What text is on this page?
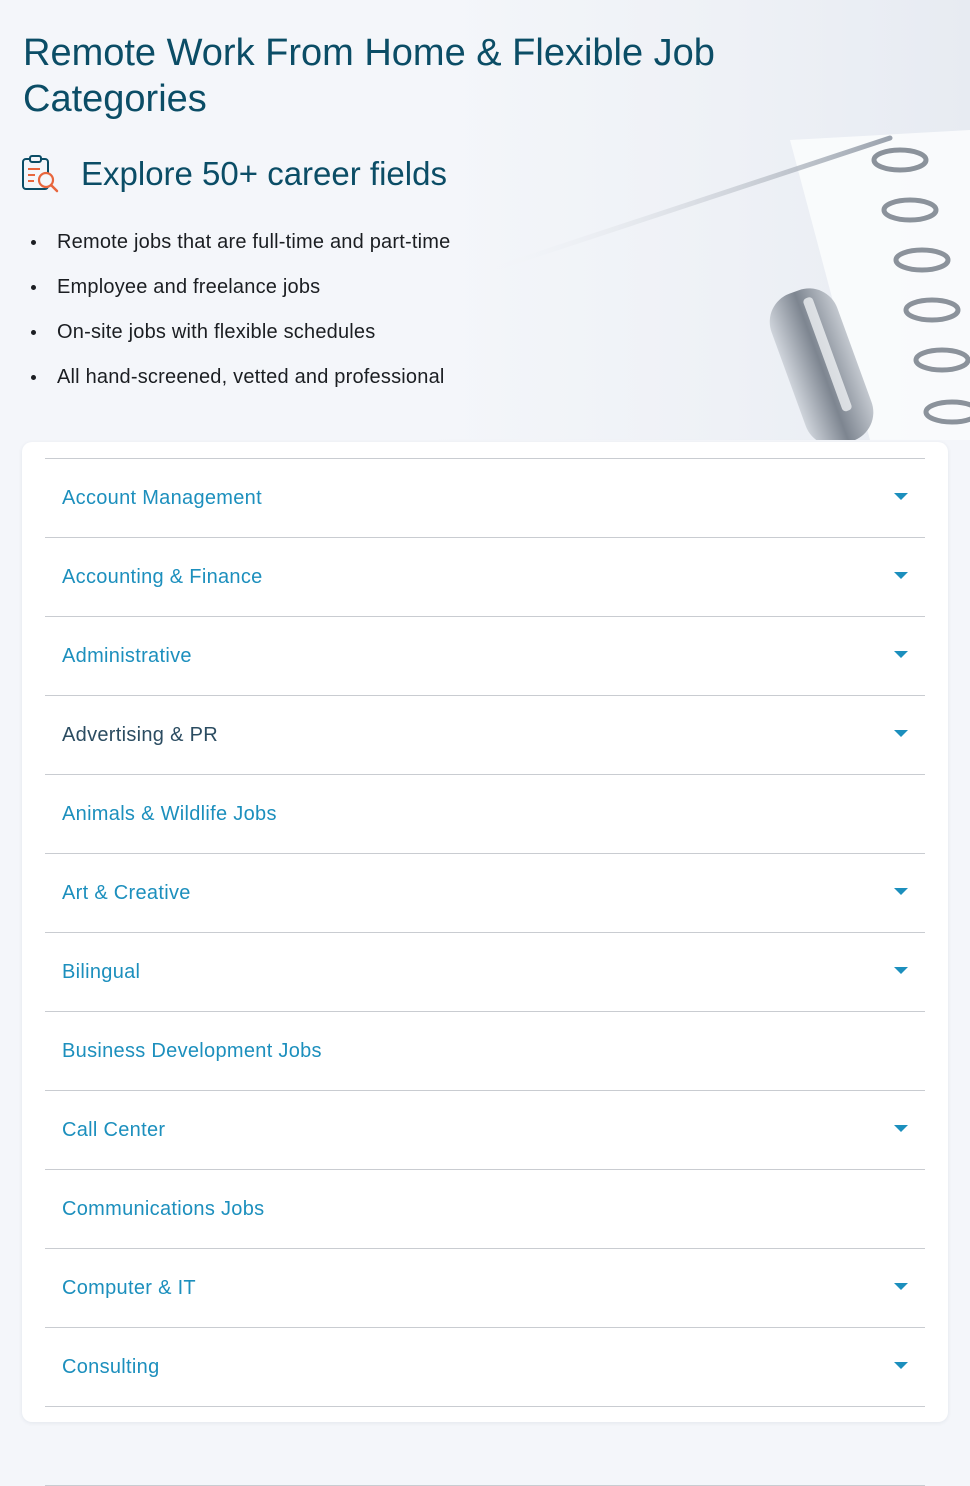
Remote Work From Home & Flexible Job Categories
Explore 50+ career fields
Remote jobs that are full-time and part-time
Employee and freelance jobs
On-site jobs with flexible schedules
All hand-screened, vetted and professional
Account Management
Accounting & Finance
Administrative
Advertising & PR
Animals & Wildlife Jobs
Art & Creative
Bilingual
Business Development Jobs
Call Center
Communications Jobs
Computer & IT
Consulting
